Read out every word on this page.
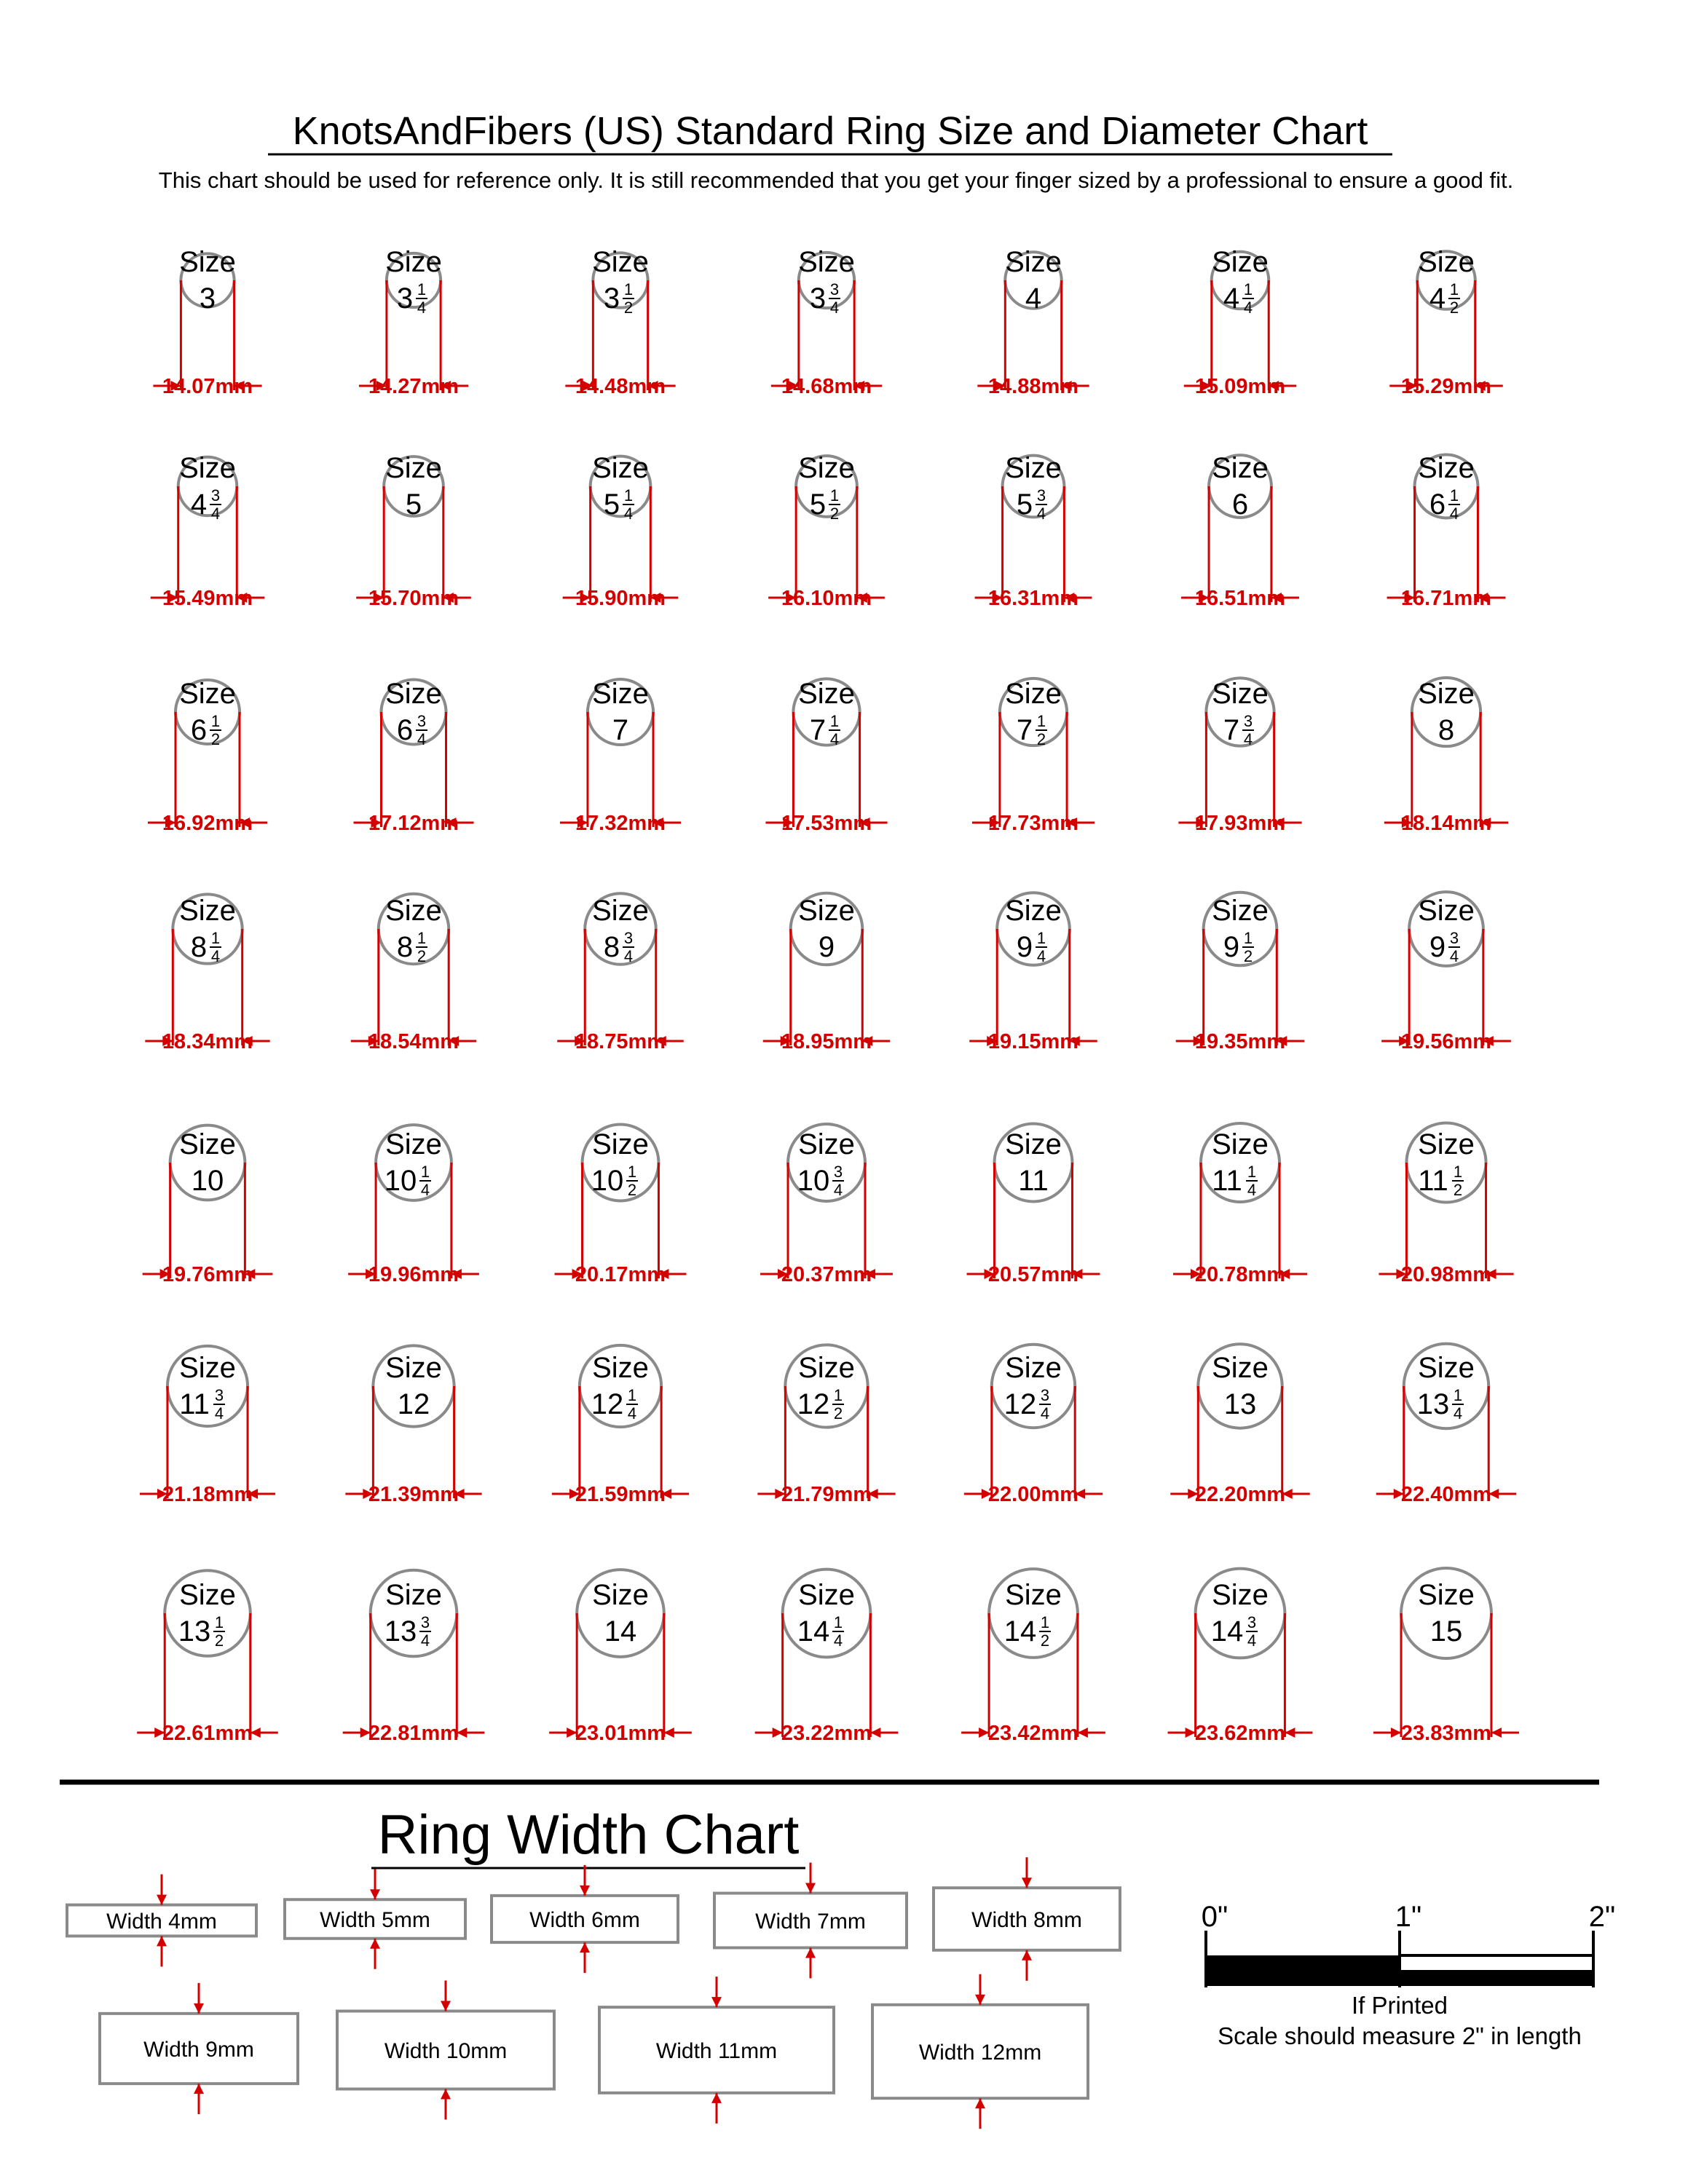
KnotsAndFibers (US) Standard Ring Size and Diameter Chart
This chart should be used for reference only. It is still recommended that you get your finger sized by a professional to ensure a good fit.
Size
3
14.07mm
Size
3 1
4
14.27mm
Size
3 1
2
14.48mm
Size
3 3
4
14.68mm
Size
4
14.88mm
Size
4 1
4
15.09mm
Size
4 1
2
15.29mm
Size
4 3
4
15.49mm
Size
5
15.70mm
Size
5 1
4
15.90mm
Size
5 1
2
16.10mm
Size
5 3
4
16.31mm
Size
6
16.51mm
Size
6 1
4
16.71mm
Size
6 1
2
16.92mm
Size
6 3
4
17.12mm
Size
7
17.32mm
Size
7 1
4
17.53mm
Size
7 1
2
17.73mm
Size
7 3
4
17.93mm
Size
8
18.14mm
Size
8 1
4
18.34mm
Size
8 1
2
18.54mm
Size
8 3
4
18.75mm
Size
9
18.95mm
Size
9 1
4
19.15mm
Size
9 1
2
19.35mm
Size
9 3
4
19.56mm
Size
10
19.76mm
Size
10 1
4
19.96mm
Size
10 1
2
20.17mm
Size
10 3
4
20.37mm
Size
11
20.57mm
Size
11 1
4
20.78mm
Size
11 1
2
20.98mm
Size
11 3
4
21.18mm
Size
12
21.39mm
Size
12 1
4
21.59mm
Size
12 1
2
21.79mm
Size
12 3
4
22.00mm
Size
13
22.20mm
Size
13 1
4
22.40mm
Size
13 1
2
22.61mm
Size
13 3
4
22.81mm
Size
14
23.01mm
Size
14 1
4
23.22mm
Size
14 1
2
23.42mm
Size
14 3
4
23.62mm
Size
15
23.83mm
Ring Width Chart
Width 4mm	Width 5mm	Width 6mm	Width 7mm	Width 8mm
Width 9mm	Width 10mm	Width 11mm	Width 12mm
0"	1"	2"
If Printed
Scale should measure 2" in length
